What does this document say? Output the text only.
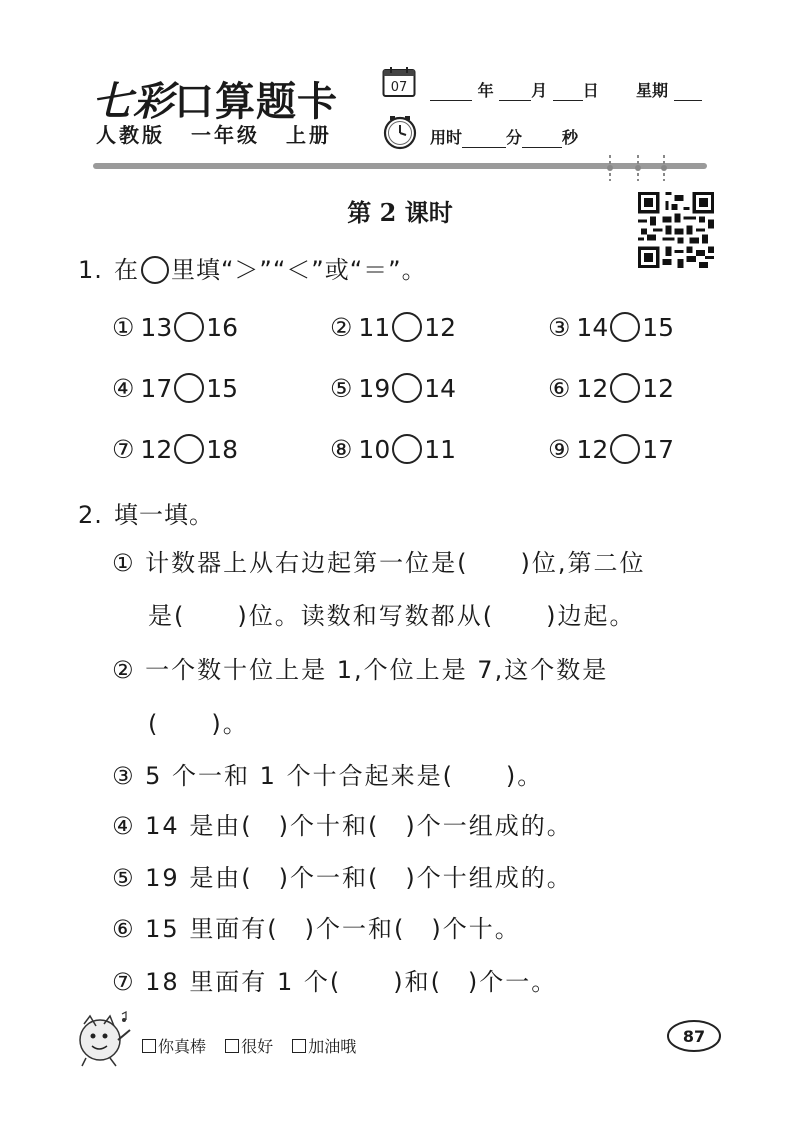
七彩口算题卡
人教版 一年级 上册
07	年 月 日 星期
用时	分	秒
第 2 课时
1. 在 里填“＞”“＜”或“＝”。
① 13 16	② 11 12	③ 14 15
④ 17 15	⑤ 19 14	⑥ 12 12
⑦ 12 18	⑧ 10 11	⑨ 12 17
2. 填一填。
① 计数器上从右边起第一位是(　　)位,第二位
是(　　)位。读数和写数都从(　　)边起。
② 一个数十位上是 1,个位上是 7,这个数是
(　　)。
③ 5 个一和 1 个十合起来是(　　)。
④ 14 是由(　)个十和(　)个一组成的。
⑤ 19 是由(　)个一和(　)个十组成的。
⑥ 15 里面有(　)个一和(　)个十。
⑦ 18 里面有 1 个(　　)和(　)个一。
你真棒 很好 加油哦
87
